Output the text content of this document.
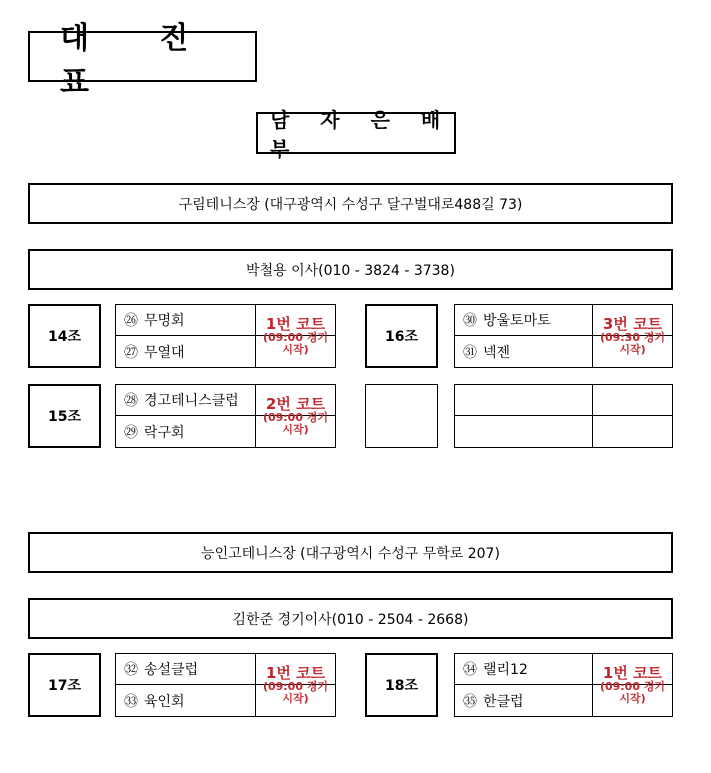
대 진 표
남 자 은 배 부
구림테니스장 (대구광역시 수성구 달구벌대로488길 73)
박철용 이사(010 - 3824 - 3738)
14조
㉖ 무명회
㉗ 무열대
1번 코트
(09:00 경기
시작)
16조
㉚ 방울토마토
㉛ 넥젠
3번 코트
(09:30 경기
시작)
15조
㉘ 경고테니스클럽
㉙ 락구회
2번 코트
(09:00 경기
시작)
능인고테니스장 (대구광역시 수성구 무학로 207)
김한준 경기이사(010 - 2504 - 2668)
17조
㉜ 송설클럽
㉝ 육인회
1번 코트
(09:00 경기
시작)
18조
㉞ 랠리12
㉟ 한클럽
1번 코트
(09:00 경기
시작)
